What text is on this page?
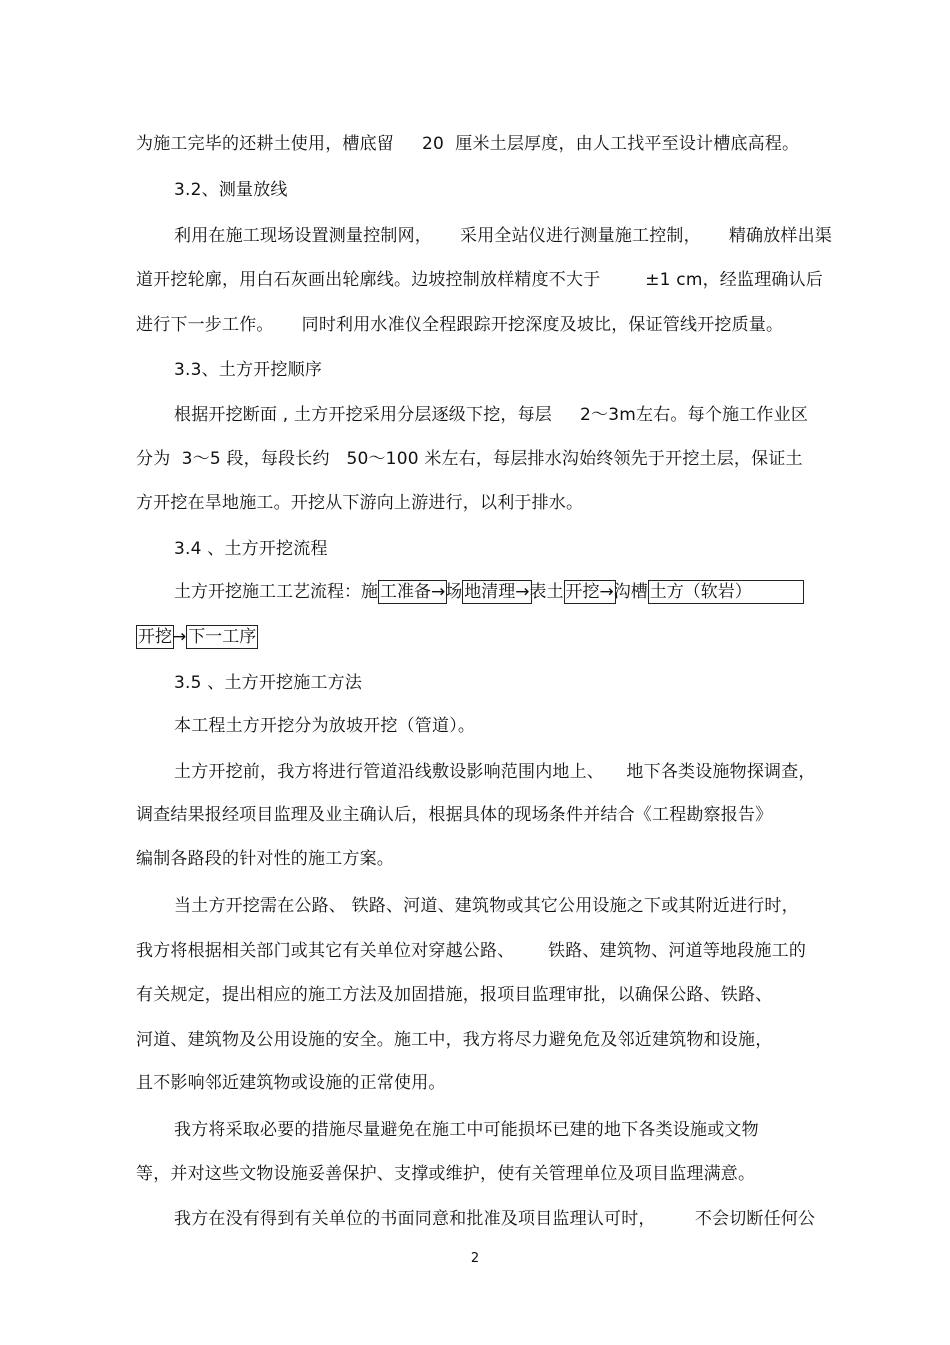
为施工完毕的还耕土使用，槽底留     20  厘米土层厚度，由人工找平至设计槽底高程。
3.2、测量放线
利用在施工现场设置测量控制网，     采用全站仪进行测量施工控制，     精确放样出渠
道开挖轮廓，用白石灰画出轮廓线。边坡控制放样精度不大于        ±1 cm，经监理确认后
进行下一步工作。     同时利用水准仪全程跟踪开挖深度及坡比，保证管线开挖质量。
3.3、土方开挖顺序
根据开挖断面 , 土方开挖采用分层逐级下挖，每层     2～3m左右。每个施工作业区
分为  3～5 段，每段长约   50～100 米左右，每层排水沟始终领先于开挖土层，保证土
方开挖在旱地施工。开挖从下游向上游进行，以利于排水。
3.4 、土方开挖流程
土方开挖施工工艺流程：施 工准备→场 地清理→表土 开挖→沟槽 土方（软岩）
开挖→ 下一工序
3.5 、土方开挖施工方法
本工程土方开挖分为放坡开挖（管道）。
土方开挖前，我方将进行管道沿线敷设影响范围内地上、    地下各类设施物探调查，
调查结果报经项目监理及业主确认后，根据具体的现场条件并结合《工程勘察报告》
编制各路段的针对性的施工方案。
当土方开挖需在公路、 铁路、河道、建筑物或其它公用设施之下或其附近进行时，
我方将根据相关部门或其它有关单位对穿越公路、      铁路、建筑物、河道等地段施工的
有关规定，提出相应的施工方法及加固措施，报项目监理审批，以确保公路、铁路、
河道、建筑物及公用设施的安全。施工中，我方将尽力避免危及邻近建筑物和设施，
且不影响邻近建筑物或设施的正常使用。
我方将采取必要的措施尽量避免在施工中可能损坏已建的地下各类设施或文物
等，并对这些文物设施妥善保护、支撑或维护，使有关管理单位及项目监理满意。
我方在没有得到有关单位的书面同意和批准及项目监理认可时，       不会切断任何公
2
